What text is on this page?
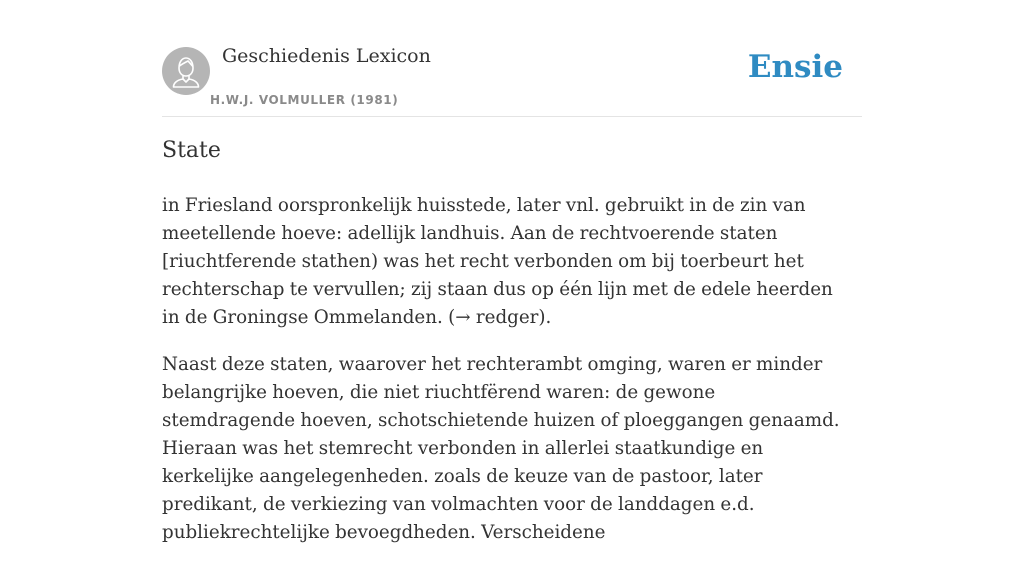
Geschiedenis Lexicon
H.W.J. VOLMULLER (1981)
Ensie
State

in Friesland oorspronkelijk huisstede, later vnl. gebruikt in de zin van meetellende hoeve: adellijk landhuis. Aan de rechtvoerende staten [riuchtferende stathen) was het recht verbonden om bij toerbeurt het rechterschap te vervullen; zij staan dus op één lijn met de edele heerden in de Groningse Ommelanden. (→ redger).

Naast deze staten, waarover het rechterambt omging, waren er minder belangrijke hoeven, die niet riuchtfërend waren: de gewone stemdragende hoeven, schotschietende huizen of ploeggangen genaamd. Hieraan was het stemrecht verbonden in allerlei staatkundige en kerkelijke aangelegenheden. zoals de keuze van de pastoor, later predikant, de verkiezing van volmachten voor de landdagen e.d. publiekrechtelijke bevoegdheden. Verscheidene
